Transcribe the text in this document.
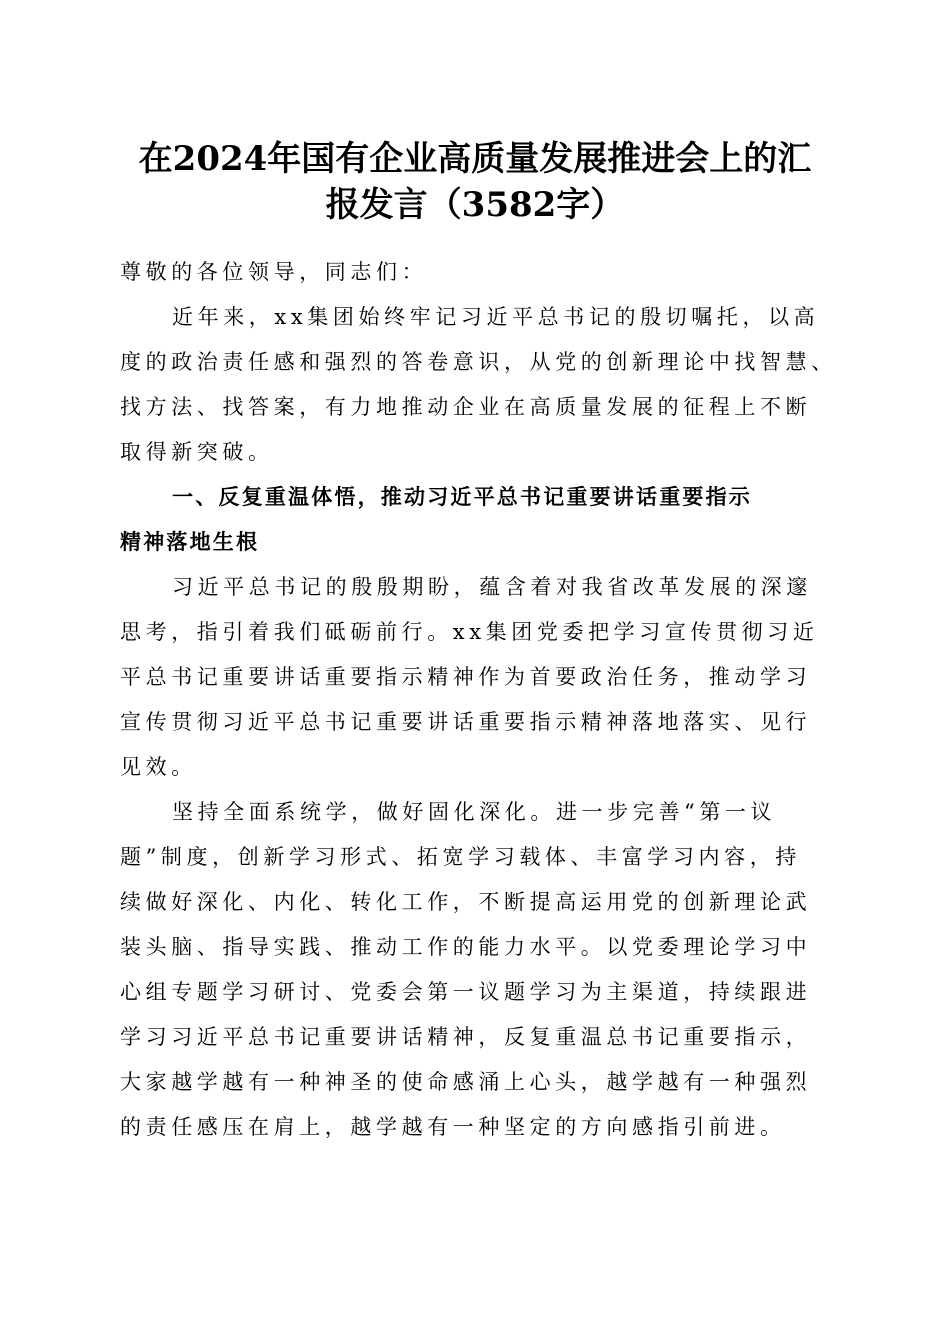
在2024年国有企业高质量发展推进会上的汇
报发言（3582字）
尊敬的各位领导，同志们：
近年来，xx集团始终牢记习近平总书记的殷切嘱托，以高
度的政治责任感和强烈的答卷意识，从党的创新理论中找智慧、
找方法、找答案，有力地推动企业在高质量发展的征程上不断
取得新突破。
一、反复重温体悟，推动习近平总书记重要讲话重要指示
精神落地生根
习近平总书记的殷殷期盼，蕴含着对我省改革发展的深邃
思考，指引着我们砥砺前行。xx集团党委把学习宣传贯彻习近
平总书记重要讲话重要指示精神作为首要政治任务，推动学习
宣传贯彻习近平总书记重要讲话重要指示精神落地落实、见行
见效。
坚持全面系统学，做好固化深化。进一步完善“第一议
题”制度，创新学习形式、拓宽学习载体、丰富学习内容，持
续做好深化、内化、转化工作，不断提高运用党的创新理论武
装头脑、指导实践、推动工作的能力水平。以党委理论学习中
心组专题学习研讨、党委会第一议题学习为主渠道，持续跟进
学习习近平总书记重要讲话精神，反复重温总书记重要指示，
大家越学越有一种神圣的使命感涌上心头，越学越有一种强烈
的责任感压在肩上，越学越有一种坚定的方向感指引前进。
